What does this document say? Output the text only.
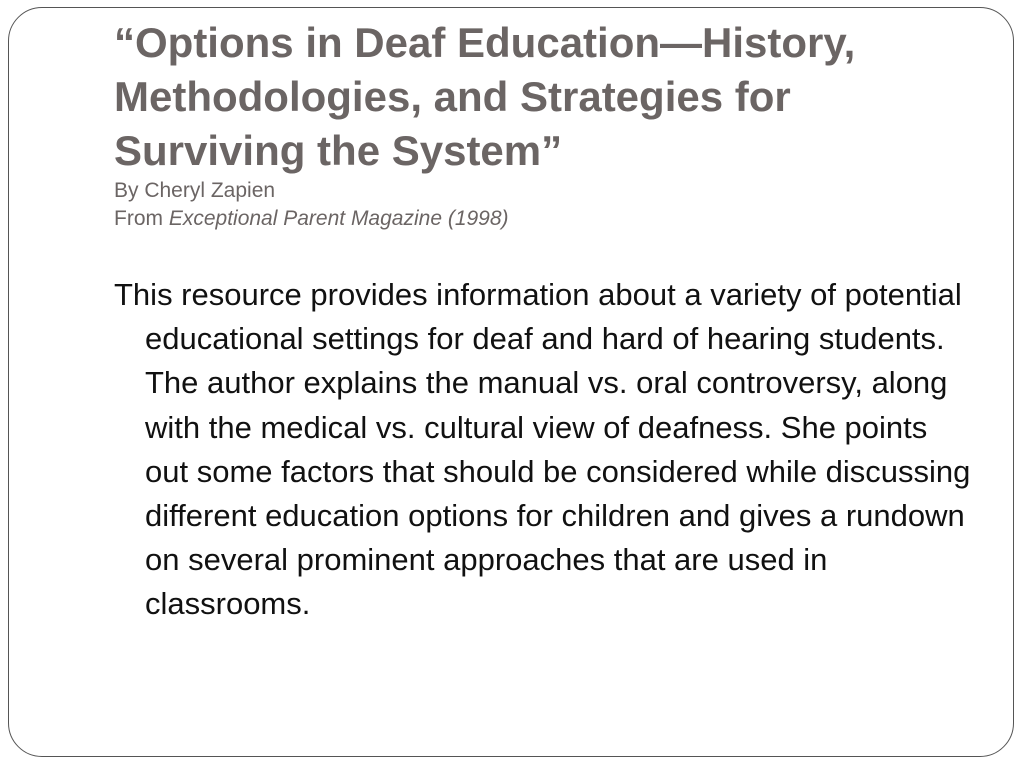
“Options in Deaf Education—History, Methodologies, and Strategies for Surviving the System”
By Cheryl Zapien
From Exceptional Parent Magazine (1998)

This resource provides information about a variety of potential educational settings for deaf and hard of hearing students. The author explains the manual vs. oral controversy, along with the medical vs. cultural view of deafness. She points out some factors that should be considered while discussing different education options for children and gives a rundown on several prominent approaches that are used in classrooms.
